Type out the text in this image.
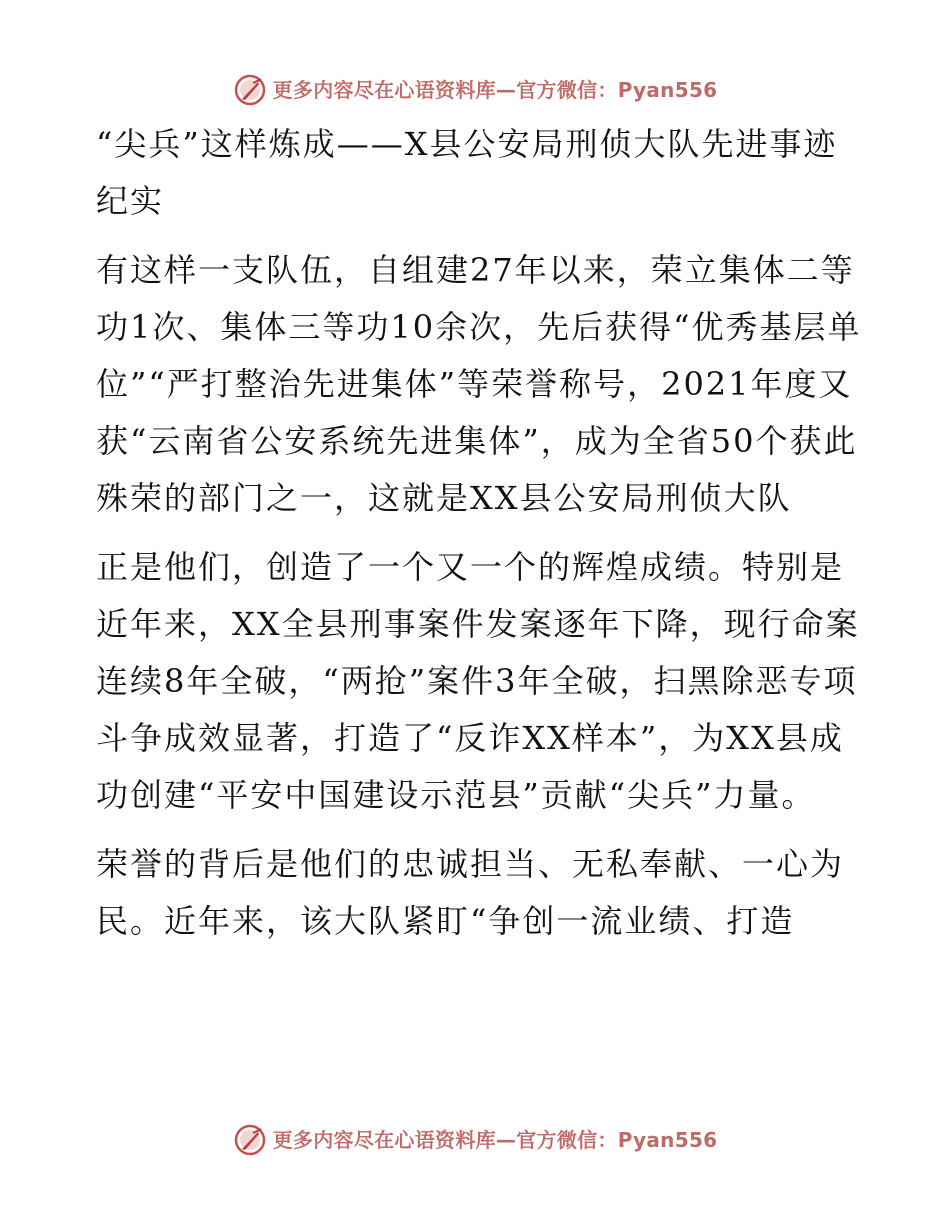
更多内容尽在心语资料库—官方微信：Pyan556

“尖兵”这样炼成——X县公安局刑侦大队先进事迹纪实

有这样一支队伍，自组建27年以来，荣立集体二等功1次、集体三等功10余次，先后获得“优秀基层单位”“严打整治先进集体”等荣誉称号，2021年度又获“云南省公安系统先进集体”，成为全省50个获此殊荣的部门之一，这就是XX县公安局刑侦大队

正是他们，创造了一个又一个的辉煌成绩。特别是近年来，XX全县刑事案件发案逐年下降，现行命案连续8年全破，“两抢”案件3年全破，扫黑除恶专项斗争成效显著，打造了“反诈XX样本”，为XX县成功创建“平安中国建设示范县”贡献“尖兵”力量。

荣誉的背后是他们的忠诚担当、无私奉献、一心为民。近年来，该大队紧盯“争创一流业绩、打造

更多内容尽在心语资料库—官方微信：Pyan556
